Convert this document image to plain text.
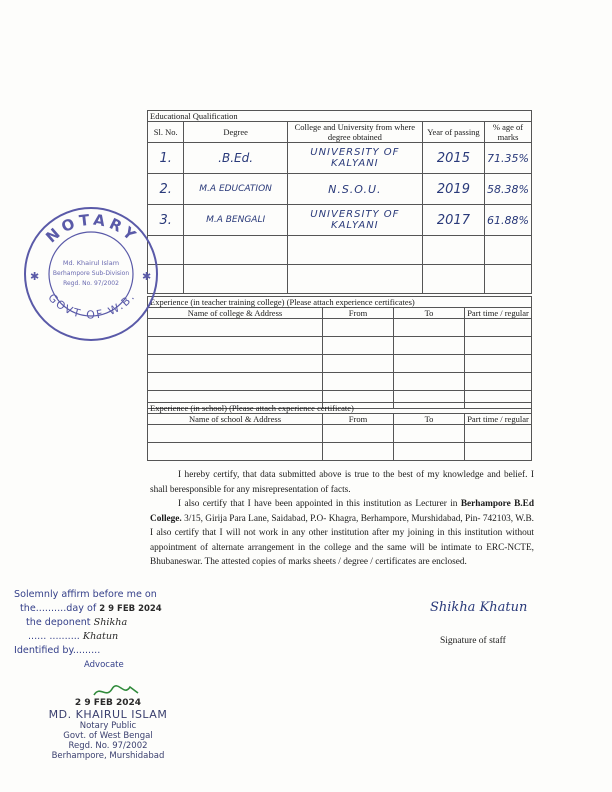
Educational Qualification				
Sl. No.	Degree	College and University from where degree obtained	Year of passing	% age of marks
1.	.B.Ed.	UNIVERSITY OF KALYANI	2015	71.35%
2.	M.A EDUCATION	N.S.O.U.	2019	58.38%
3.	M.A BENGALI	UNIVERSITY OF KALYANI	2017	61.88%

Experience (in teacher training college) (Please attach experience certificates)			
Name of college & Address	From	To	Part time / regular

Experience (in school) (Please attach experience certificate)			
Name of school & Address	From	To	Part time / regular

I hereby certify, that data submitted above is true to the best of my knowledge and belief. I shall beresponsible for any misrepresentation of facts.
I also certify that I have been appointed in this institution as Lecturer in Berhampore B.Ed College. 3/15, Girija Para Lane, Saidabad, P.O- Khagra, Berhampore, Murshidabad, Pin- 742103, W.B. I also certify that I will not work in any other institution after my joining in this institution without appointment of alternate arrangement in the college and the same will be intimate to ERC-NCTE, Bhubaneswar. The attested copies of marks sheets / degree / certificates are enclosed.
Shikha Khatun
Signature of staff
NOTARY
GOVT OF W.B.
Md. Khairul Islam
Berhampore Sub-Division
Regd. No. 97/2002
✱	✱
Solemnly affirm before me on
the..........day of 2 9 FEB 2024
the deponent Shikha
...... .......... Khatun
Identified by.........
Advocate
2 9 FEB 2024
MD. KHAIRUL ISLAM
Notary Public
Govt. of West Bengal
Regd. No. 97/2002
Berhampore, Murshidabad
